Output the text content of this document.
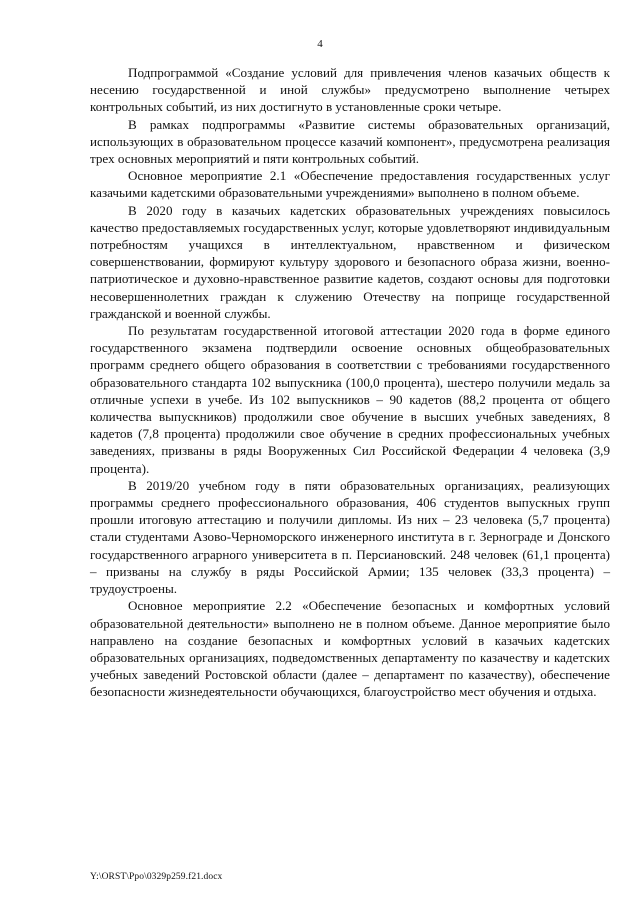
4

Подпрограммой «Создание условий для привлечения членов казачьих обществ к несению государственной и иной службы» предусмотрено выполнение четырех контрольных событий, из них достигнуто в установленные сроки четыре.

В рамках подпрограммы «Развитие системы образовательных организаций, использующих в образовательном процессе казачий компонент», предусмотрена реализация трех основных мероприятий и пяти контрольных событий.

Основное мероприятие 2.1 «Обеспечение предоставления государственных услуг казачьими кадетскими образовательными учреждениями» выполнено в полном объеме.

В 2020 году в казачьих кадетских образовательных учреждениях повысилось качество предоставляемых государственных услуг, которые удовлетворяют индивидуальным потребностям учащихся в интеллектуальном, нравственном и физическом совершенствовании, формируют культуру здорового и безопасного образа жизни, военно-патриотическое и духовно-нравственное развитие кадетов, создают основы для подготовки несовершеннолетних граждан к служению Отечеству на поприще государственной гражданской и военной службы.

По результатам государственной итоговой аттестации 2020 года в форме единого государственного экзамена подтвердили освоение основных общеобразовательных программ среднего общего образования в соответствии с требованиями государственного образовательного стандарта 102 выпускника (100,0 процента), шестеро получили медаль за отличные успехи в учебе. Из 102 выпускников – 90 кадетов (88,2 процента от общего количества выпускников) продолжили свое обучение в высших учебных заведениях, 8 кадетов (7,8 процента) продолжили свое обучение в средних профессиональных учебных заведениях, призваны в ряды Вооруженных Сил Российской Федерации 4 человека (3,9 процента).

В 2019/20 учебном году в пяти образовательных организациях, реализующих программы среднего профессионального образования, 406 студентов выпускных групп прошли итоговую аттестацию и получили дипломы. Из них – 23 человека (5,7 процента) стали студентами Азово-Черноморского инженерного института в г. Зернограде и Донского государственного аграрного университета в п. Персиановский. 248 человек (61,1 процента) – призваны на службу в ряды Российской Армии; 135 человек (33,3 процента) – трудоустроены.

Основное мероприятие 2.2 «Обеспечение безопасных и комфортных условий образовательной деятельности» выполнено не в полном объеме. Данное мероприятие было направлено на создание безопасных и комфортных условий в казачьих кадетских образовательных организациях, подведомственных департаменту по казачеству и кадетских учебных заведений Ростовской области (далее – департамент по казачеству), обеспечение безопасности жизнедеятельности обучающихся, благоустройство мест обучения и отдыха.

Y:\ORST\Ppo\0329p259.f21.docx
